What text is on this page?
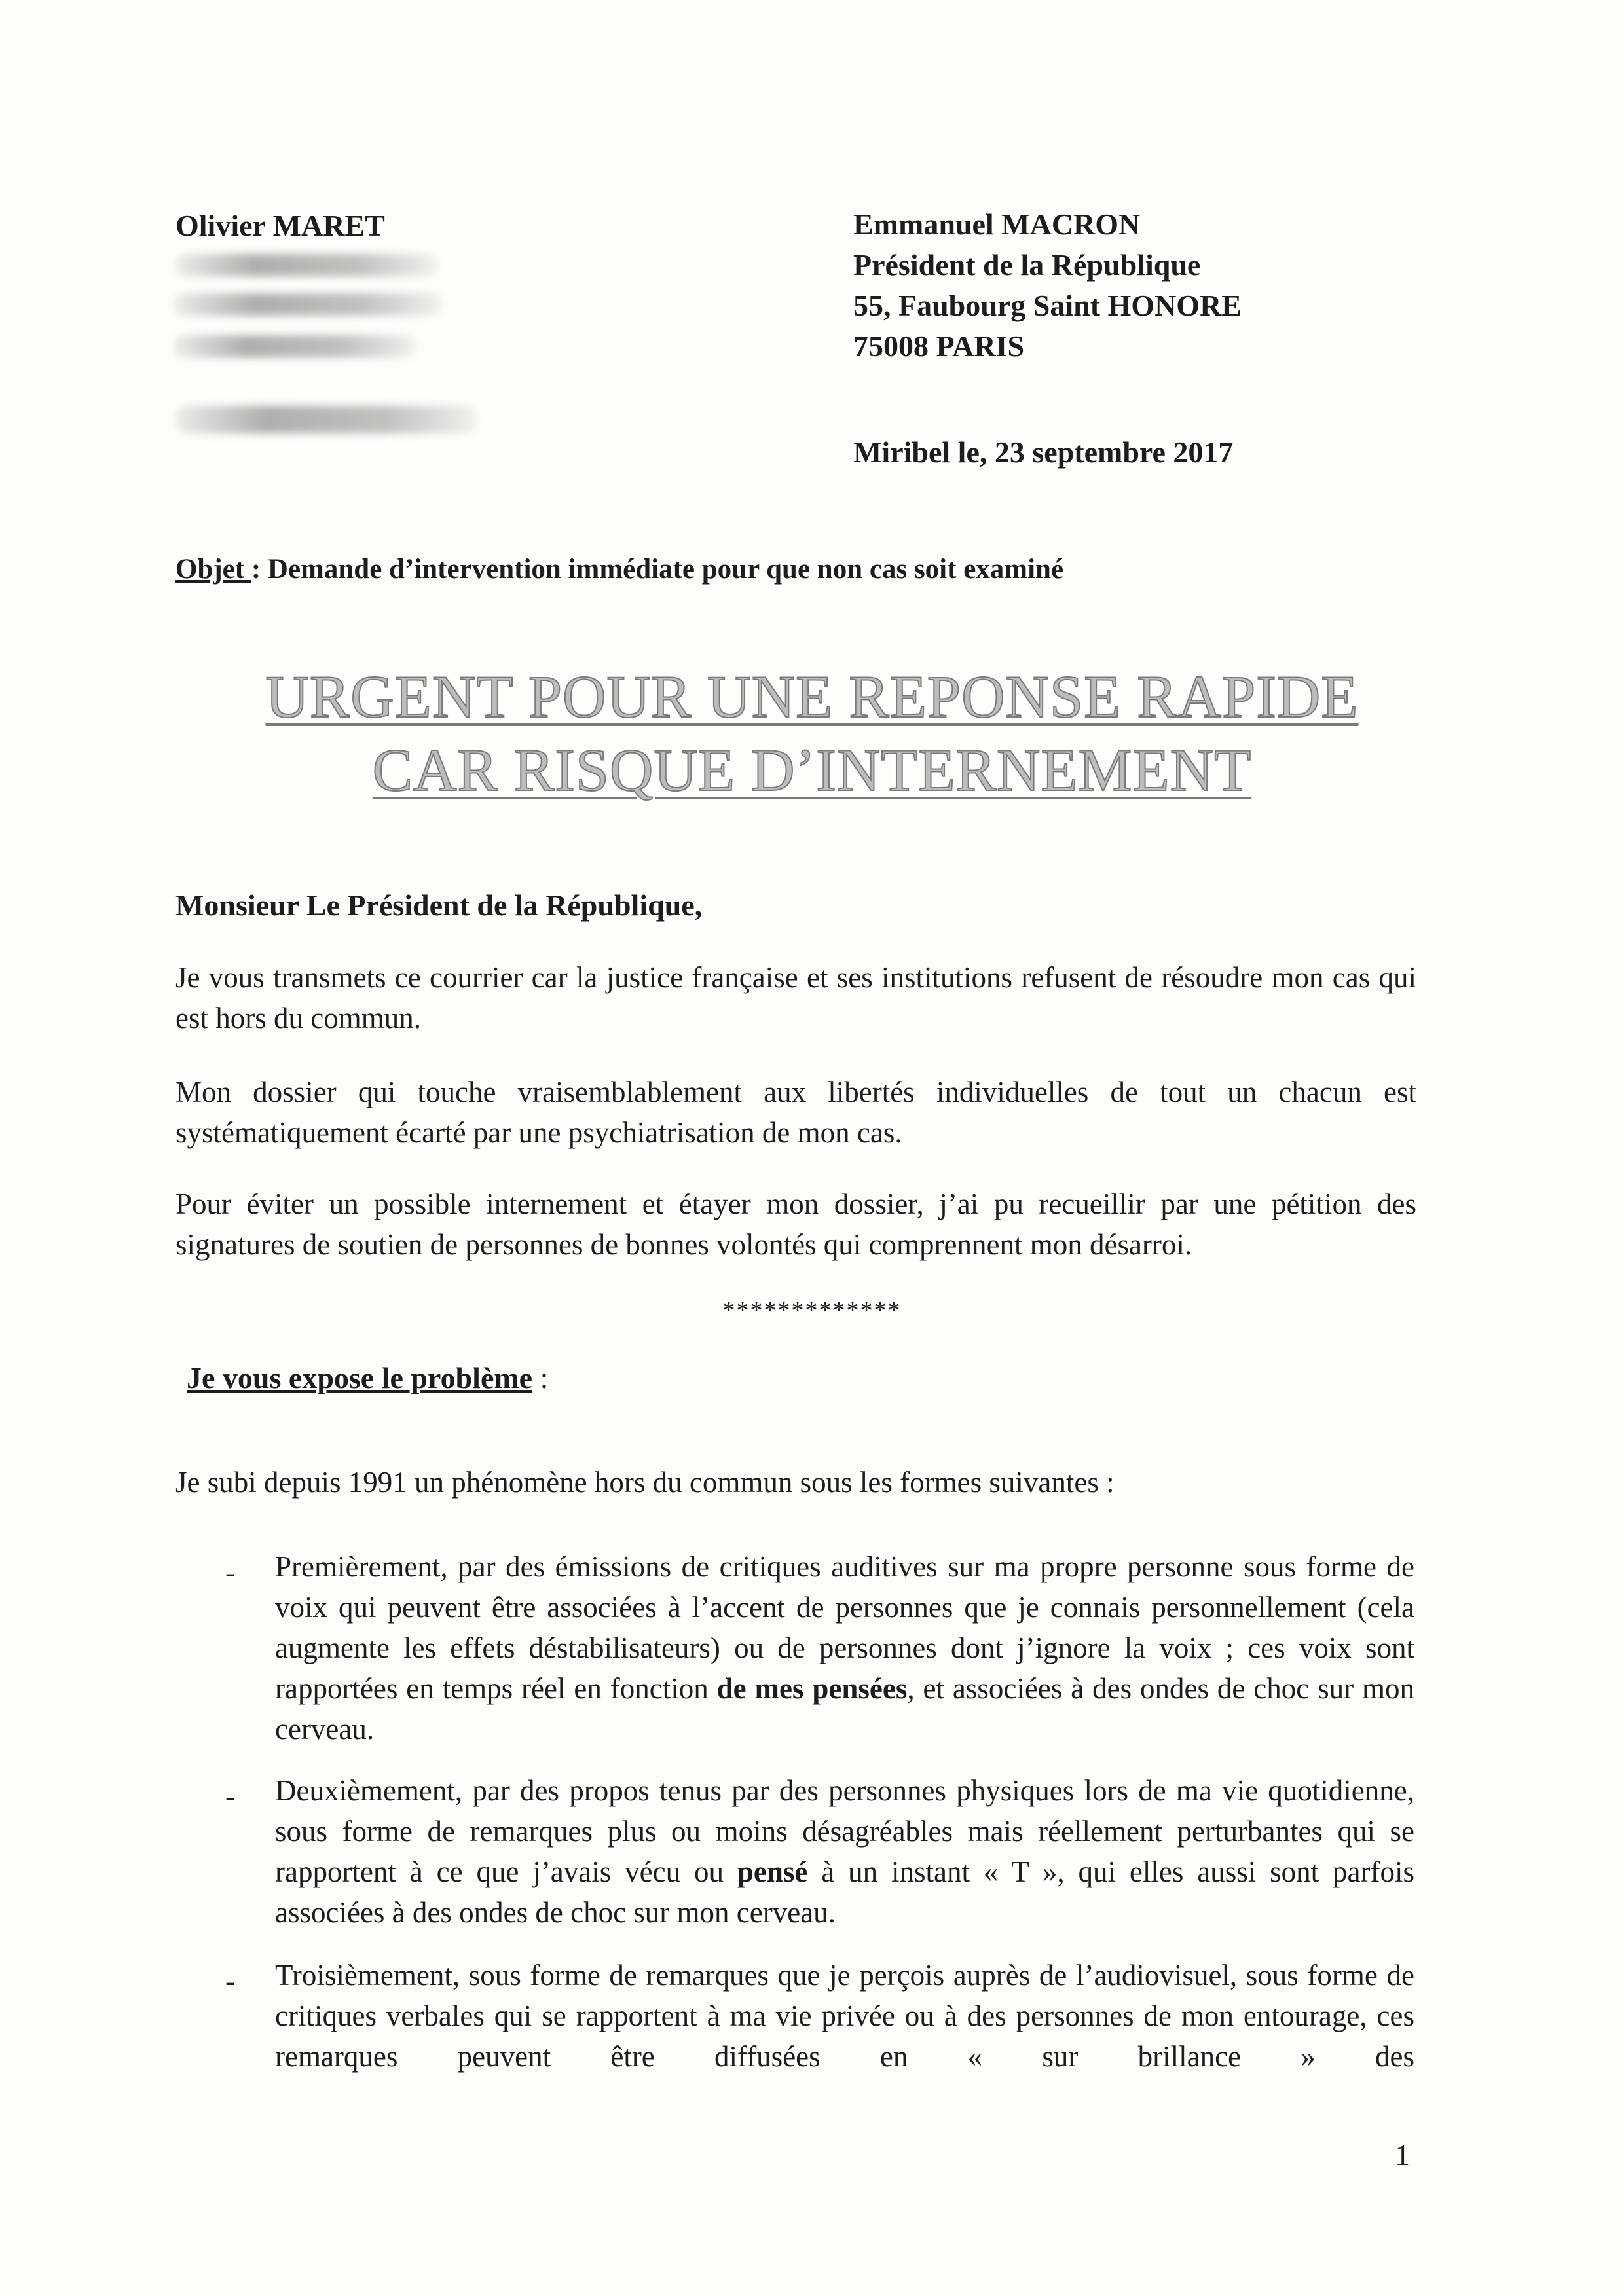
Olivier MARET	Emmanuel MACRON
Président de la République
55, Faubourg Saint HONORE
75008 PARIS
Miribel le, 23 septembre 2017
Objet : Demande d’intervention immédiate pour que non cas soit examiné
URGENT POUR UNE REPONSE RAPIDE
CAR RISQUE D’INTERNEMENT
Monsieur Le Président de la République,
Je vous transmets ce courrier car la justice française et ses institutions refusent de résoudre mon cas qui est hors du commun.
Mon dossier qui touche vraisemblablement aux libertés individuelles de tout un chacun est systématiquement écarté par une psychiatrisation de mon cas.
Pour éviter un possible internement et étayer mon dossier, j’ai pu recueillir par une pétition des signatures de soutien de personnes de bonnes volontés qui comprennent mon désarroi.
*************
Je vous expose le problème :
Je subi depuis 1991 un phénomène hors du commun sous les formes suivantes :
- Premièrement, par des émissions de critiques auditives sur ma propre personne sous forme de voix qui peuvent être associées à l’accent de personnes que je connais personnellement (cela augmente les effets déstabilisateurs) ou de personnes dont j’ignore la voix ; ces voix sont rapportées en temps réel en fonction de mes pensées, et associées à des ondes de choc sur mon cerveau.
- Deuxièmement, par des propos tenus par des personnes physiques lors de ma vie quotidienne, sous forme de remarques plus ou moins désagréables mais réellement perturbantes qui se rapportent à ce que j’avais vécu ou pensé à un instant « T », qui elles aussi sont parfois associées à des ondes de choc sur mon cerveau.
- Troisièmement, sous forme de remarques que je perçois auprès de l’audiovisuel, sous forme de critiques verbales qui se rapportent à ma vie privée ou à des personnes de mon entourage, ces remarques peuvent être diffusées en « sur brillance » des
1
